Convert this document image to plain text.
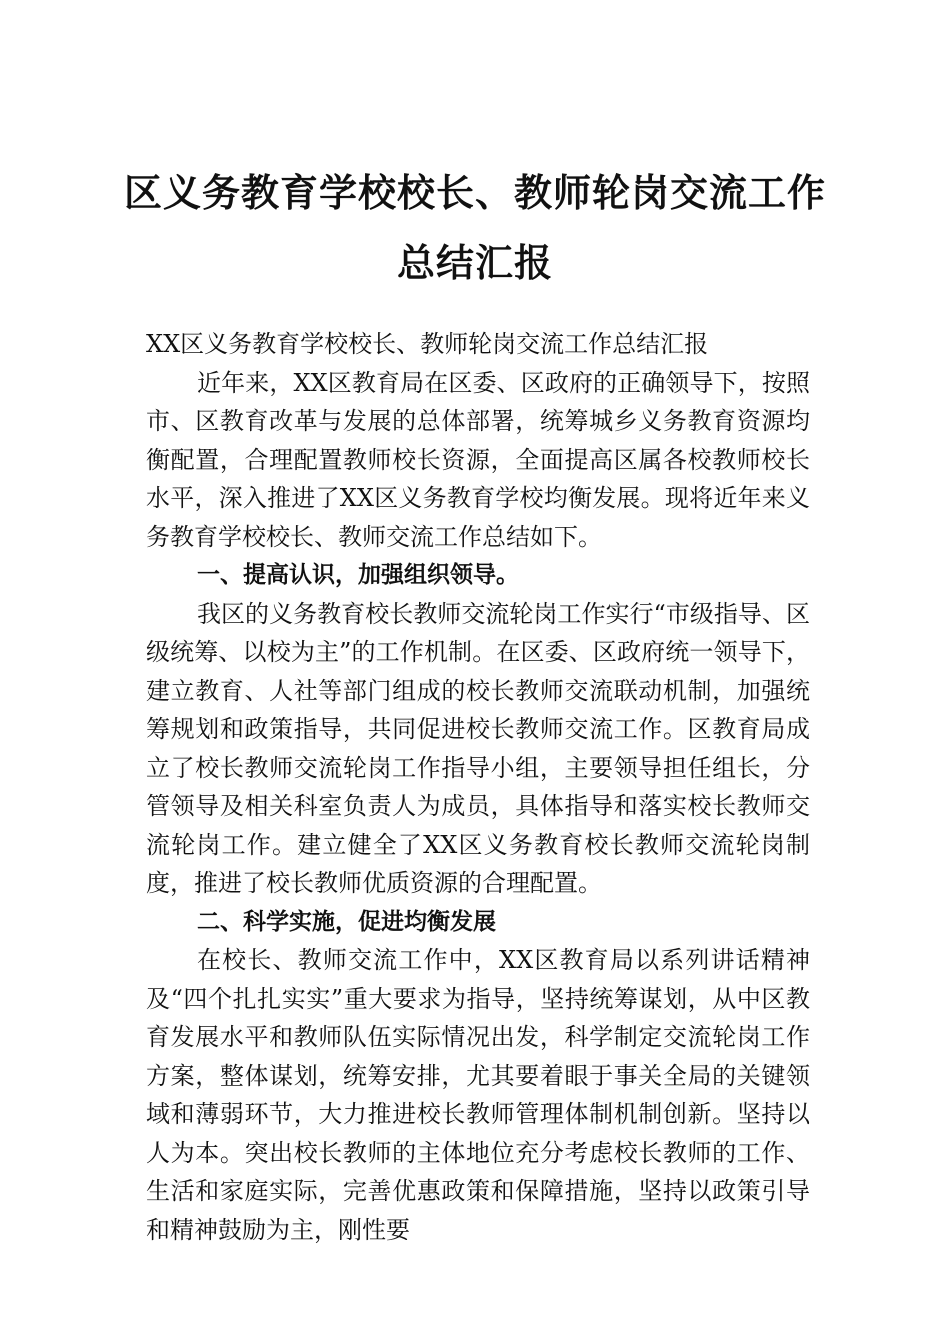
区义务教育学校校长、教师轮岗交流工作
总结汇报

XX区义务教育学校校长、教师轮岗交流工作总结汇报

近年来，XX区教育局在区委、区政府的正确领导下，按照市、区教育改革与发展的总体部署，统筹城乡义务教育资源均衡配置，合理配置教师校长资源，全面提高区属各校教师校长水平，深入推进了XX区义务教育学校均衡发展。现将近年来义务教育学校校长、教师交流工作总结如下。

一、提高认识，加强组织领导。

我区的义务教育校长教师交流轮岗工作实行“市级指导、区级统筹、以校为主”的工作机制。在区委、区政府统一领导下，建立教育、人社等部门组成的校长教师交流联动机制，加强统筹规划和政策指导，共同促进校长教师交流工作。区教育局成立了校长教师交流轮岗工作指导小组，主要领导担任组长，分管领导及相关科室负责人为成员，具体指导和落实校长教师交流轮岗工作。建立健全了XX区义务教育校长教师交流轮岗制度，推进了校长教师优质资源的合理配置。

二、科学实施，促进均衡发展

在校长、教师交流工作中，XX区教育局以系列讲话精神及“四个扎扎实实”重大要求为指导，坚持统筹谋划，从中区教育发展水平和教师队伍实际情况出发，科学制定交流轮岗工作方案，整体谋划，统筹安排，尤其要着眼于事关全局的关键领域和薄弱环节，大力推进校长教师管理体制机制创新。坚持以人为本。突出校长教师的主体地位充分考虑校长教师的工作、生活和家庭实际，完善优惠政策和保障措施，坚持以政策引导和精神鼓励为主，刚性要
